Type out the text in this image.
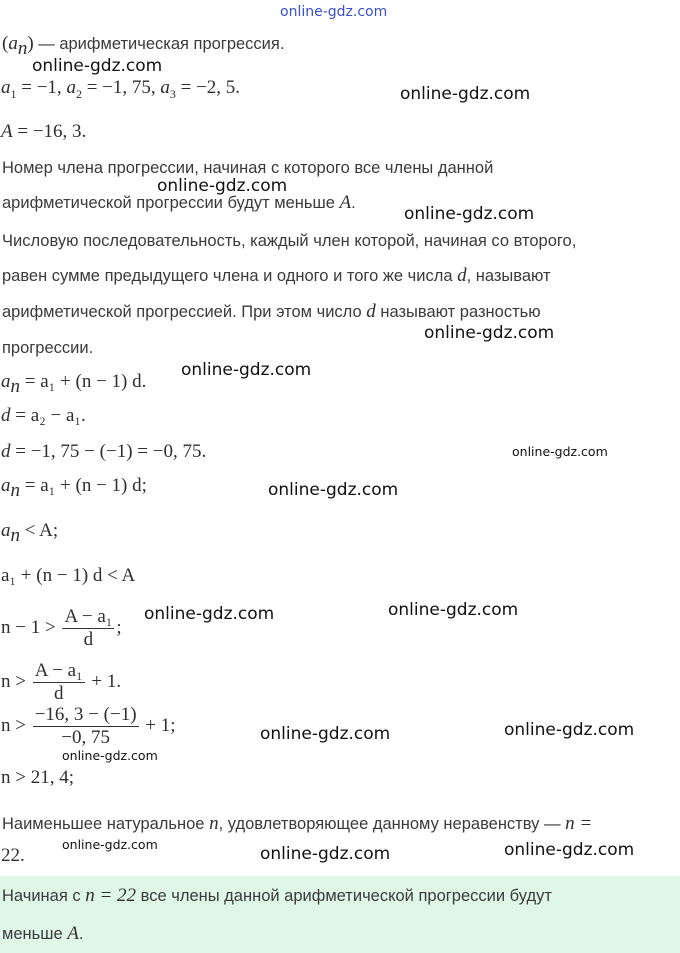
online-gdz.com
$(a_n)$ — арифметическая прогрессия.
$a_1 = -1$, $a_2 = -1$, 75, $a_3 = -2$, 5.
A = −16, 3.
Номер члена прогрессии, начиная с которого все члены данной
арифметической прогрессии будут меньше A.
Числовую последовательность, каждый член которой, начиная со второго,
равен сумме предыдущего члена и одного и того же числа d, называют
арифметической прогрессией. При этом число d называют разностью
прогрессии.
$a_n = a_1 + (n - 1)$ d.
d = a₂ − a₁.
d = −1, 75 − (−1) = −0, 75.
$a_n = a_1 + (n - 1)$ d;
$a_n < A$;
a₁ + (n − 1) d < A
$n - 1 > \frac{\text{A − a₁}}{d}$ ;
$n > \frac{\text{A − a₁}}{d} + 1$.
$n > \frac{-16, 3 - (-1)}{-0, 75} + 1$;
n > 21, 4;
Наименьшее натуральное n, удовлетворяющее данному неравенству — n =
22.
Начиная с n = 22 все члены данной арифметической прогрессии будут
меньше A.
online-gdz.com
online-gdz.com
online-gdz.com
online-gdz.com
online-gdz.com
online-gdz.com
online-gdz.com
online-gdz.com
online-gdz.com	online-gdz.com
online-gdz.com	online-gdz.com
online-gdz.com
online-gdz.com	online-gdz.com	online-gdz.com
